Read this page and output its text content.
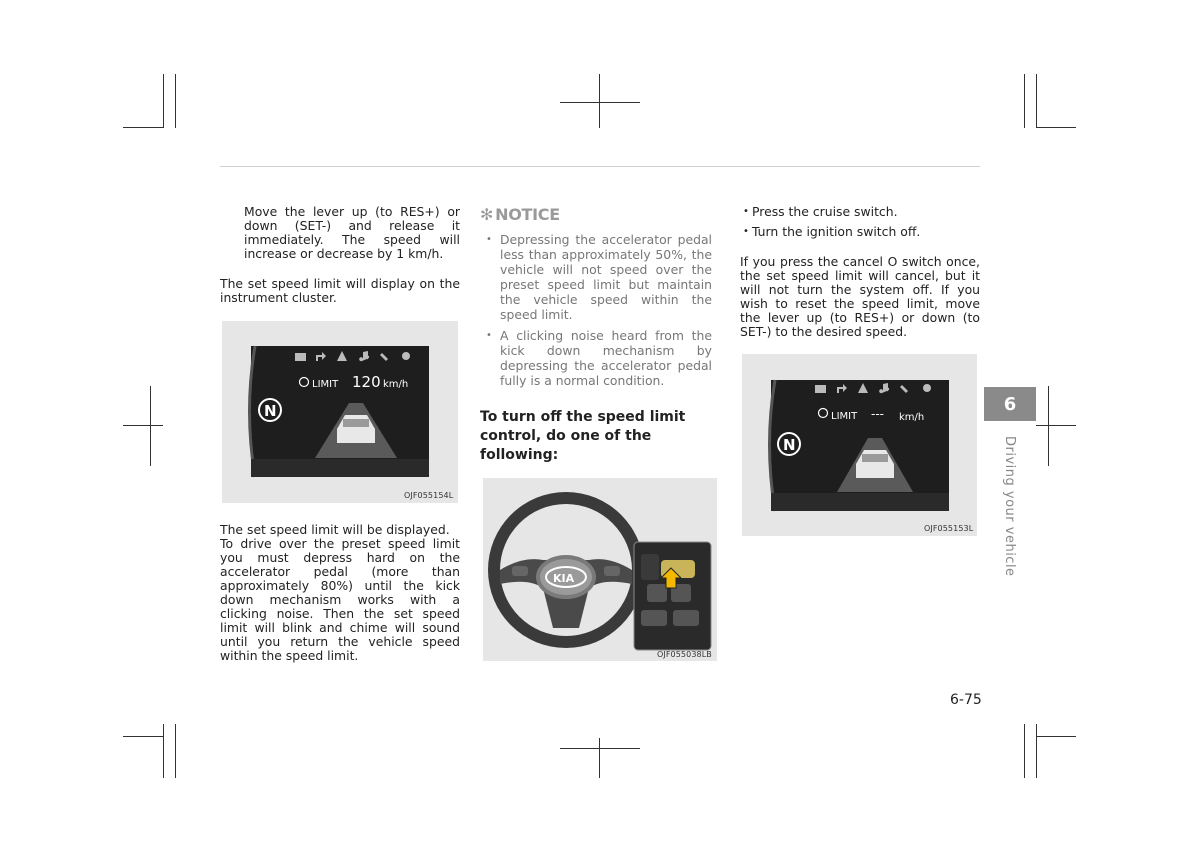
Move the lever up (to RES+) or down (SET-) and release it immediately. The speed will increase or decrease by 1 km/h.

The set speed limit will display on the instrument cluster.

LIMIT 120 km/h
N
OJF055154L

The set speed limit will be displayed.

To drive over the preset speed limit you must depress hard on the accelerator pedal (more than approximately 80%) until the kick down mechanism works with a clicking noise. Then the set speed limit will blink and chime will sound until you return the vehicle speed within the speed limit.

✻ NOTICE
• Depressing the accelerator pedal less than approximately 50%, the vehicle will not speed over the preset speed limit but maintain the vehicle speed within the speed limit.
• A clicking noise heard from the kick down mechanism by depressing the accelerator pedal fully is a normal condition.
To turn off the speed limit control, do one of the following:
KIA
OJF055038LB
• Press the cruise switch.
• Turn the ignition switch off.

If you press the cancel O switch once, the set speed limit will cancel, but it will not turn the system off. If you wish to reset the speed limit, move the lever up (to RES+) or down (to SET-) to the desired speed.

LIMIT --- km/h
N
OJF055153L
6
Driving your vehicle
6-75
